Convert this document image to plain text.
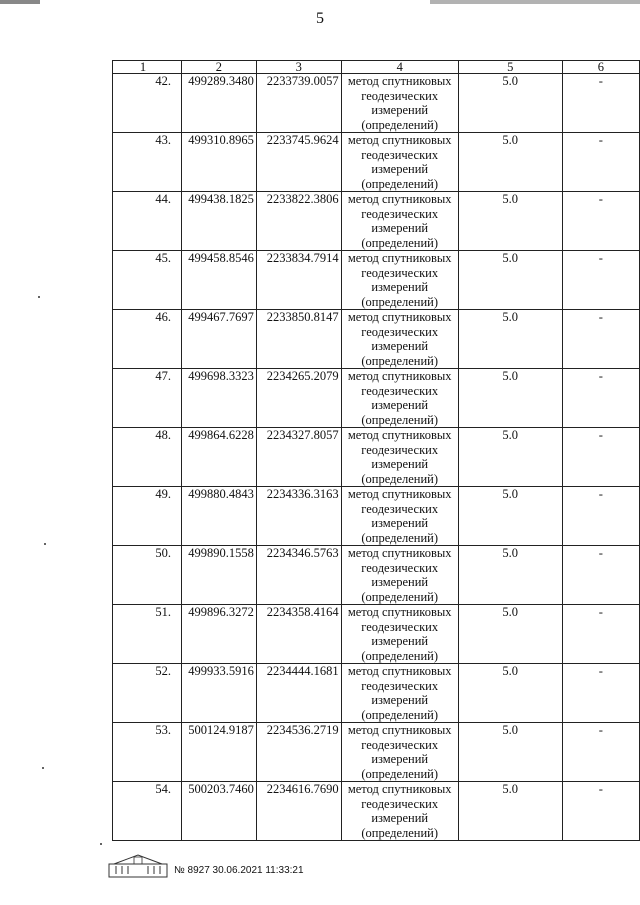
5
1	2	3	4	5	6
42.	499289.3480	2233739.0057	метод спутниковых геодезических измерений (определений)	5.0	-
43.	499310.8965	2233745.9624	метод спутниковых геодезических измерений (определений)	5.0	-
44.	499438.1825	2233822.3806	метод спутниковых геодезических измерений (определений)	5.0	-
45.	499458.8546	2233834.7914	метод спутниковых геодезических измерений (определений)	5.0	-
46.	499467.7697	2233850.8147	метод спутниковых геодезических измерений (определений)	5.0	-
47.	499698.3323	2234265.2079	метод спутниковых геодезических измерений (определений)	5.0	-
48.	499864.6228	2234327.8057	метод спутниковых геодезических измерений (определений)	5.0	-
49.	499880.4843	2234336.3163	метод спутниковых геодезических измерений (определений)	5.0	-
50.	499890.1558	2234346.5763	метод спутниковых геодезических измерений (определений)	5.0	-
51.	499896.3272	2234358.4164	метод спутниковых геодезических измерений (определений)	5.0	-
52.	499933.5916	2234444.1681	метод спутниковых геодезических измерений (определений)	5.0	-
53.	500124.9187	2234536.2719	метод спутниковых геодезических измерений (определений)	5.0	-
54.	500203.7460	2234616.7690	метод спутниковых геодезических измерений (определений)	5.0	-
№ 8927 30.06.2021 11:33:21
